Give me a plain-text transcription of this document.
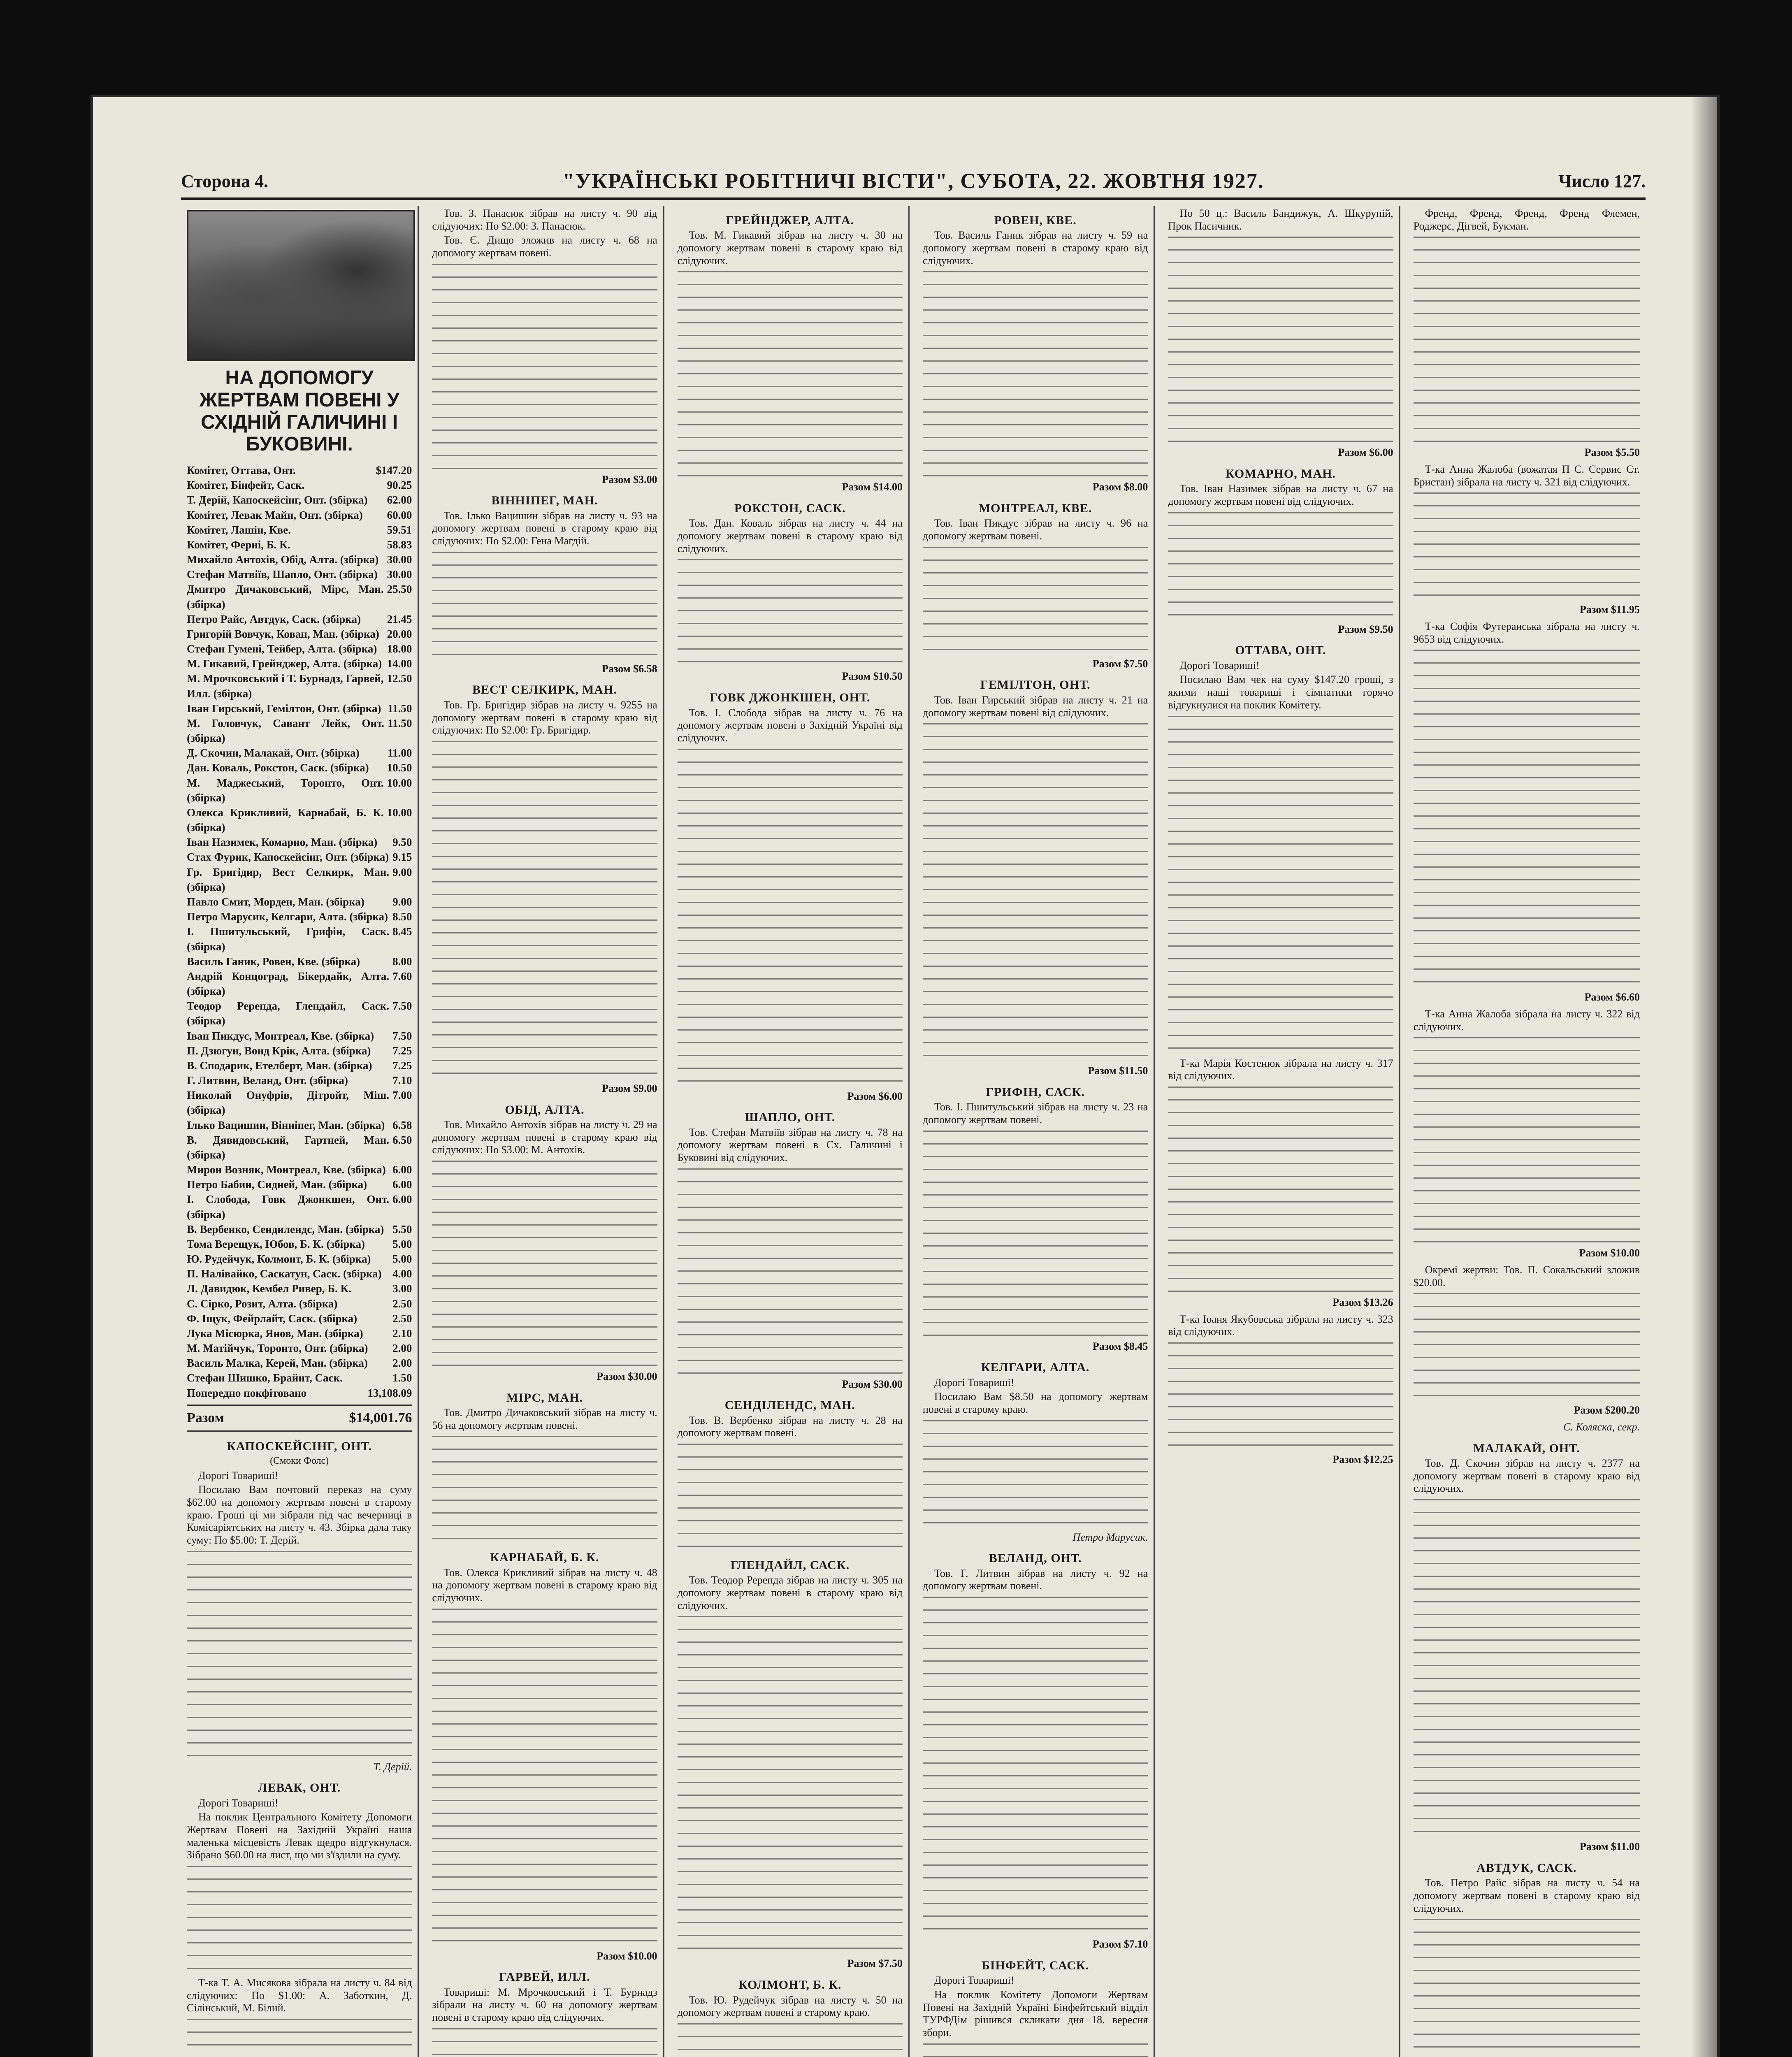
Сторона 4.	"УКРАЇНСЬКІ РОБІТНИЧІ ВІСТИ", СУБОТА, 22. ЖОВТНЯ 1927.	Число 127.
НА ДОПОМОГУ ЖЕРТВАМ ПОВЕНІ У СХІДНІЙ ГАЛИЧИНІ І БУКОВИНІ.
Комітет, Оттава, Онт.	$147.20
Комітет, Бінфейт, Саск.	90.25
Т. Дерій, Капоскейсінг, Онт. (збірка) 62.00
Комітет, Левак Майн, Онт. (збірка) 60.00
Комітет, Лашін, Кве.	59.51
Комітет, Ферні, Б. К.	58.83
Михайло Антохів, Обід, Алта. (збірка) 30.00
Стефан Матвіїв, Шапло, Онт. (збірка) 30.00
Дмитро Дичаковський, Мірс, Ман. (збірка)
25.50
Петро Райс, Автдук, Саск. (збірка) 21.45
Григорій Вовчук, Кован, Ман. (збірка) 20.00
Стефан Гумені, Тейбер, Алта. (збірка) 18.00
М. Гикавий, Грейнджер, Алта. (збірка) 14.00
М. Мрочковський і Т. Бурнадз, Гарвей, Илл. (збірка)
12.50
Іван Гирський, Гемілтон, Онт. (збірка) 11.50
М. Головчук, Савант Лейк, Онт. (збірка)
11.50
Д. Скочин, Малакай, Онт. (збірка)	11.00
Дан. Коваль, Рокстон, Саск. (збірка) 10.50
М. Маджеський, Торонто, Онт. (збірка)
10.00
Олекса Крикливий, Карнабай, Б. К. (збірка)
10.00
Іван Назимек, Комарно, Ман. (збірка) 9.50
Стах Фурик, Капоскейсінг, Онт. (збірка) 9.15
Гр. Бригідир, Вест Селкирк, Ман. (збірка)
9.00
Павло Смит, Морден, Ман. (збірка)	9.00
Петро Марусик, Келгари, Алта. (збірка) 8.50
І. Пшитульський, Грифін, Саск. (збірка)
8.45
Василь Ганик, Ровен, Кве. (збірка)	8.00
Андрій Концоград, Бікердайк, Алта. (збірка)
7.60
Теодор Ререпда, Глендайл, Саск. (збірка)
7.50
Іван Пикдус, Монтреал, Кве. (збірка) 7.50
П. Дзюгун, Вонд Крік, Алта. (збірка) 7.25
В. Сподарик, Етелберт, Ман. (збірка) 7.25
Г. Литвин, Веланд, Онт. (збірка)	7.10
Николай Онуфрів, Дітройт, Міш. (збірка)
7.00
Ілько Вацишин, Вінніпег, Ман. (збірка) 6.58
В. Дявидовський, Гартней, Ман. (збірка)
6.50
Мирон Возняк, Монтреал, Кве. (збірка) 6.00
Петро Бабин, Сидней, Ман. (збірка) 6.00
І. Слобода, Говк Джонкшен, Онт. (збірка)
6.00
В. Вербенко, Сендилендс, Ман. (збірка) 5.50
Тома Верещук, Юбов, Б. К. (збірка) 5.00
Ю. Рудейчук, Колмонт, Б. К. (збірка) 5.00
П. Налівайко, Саскатун, Саск. (збірка) 4.00
Л. Давидюк, Кембел Ривер, Б. К.	3.00
С. Сірко, Розит, Алта. (збірка)	2.50
Ф. Іщук, Фейрлайт, Саск. (збірка)	2.50
Лука Місюрка, Янов, Ман. (збірка)	2.10
М. Матійчук, Торонто, Онт. (збірка) 2.00
Василь Малка, Керей, Ман. (збірка) 2.00
Стефан Шишко, Брайнт, Саск.	1.50
Попередно покфітовано	13,108.09
Разом	$14,001.76
КАПОСКЕЙСІНГ, ОНТ.
(Смоки Фолс)

Дорогі Товариші!

Посилаю Вам почтовий переказ на суму $62.00 на допомогу жертвам повені в старому краю. Гроші ці ми зібрали під час вечерниці в Комісаріятських на листу ч. 43. Збірка дала таку суму: По $5.00: Т. Дерій.

Т. Дерій.
ЛЕВАК, ОНТ.

Дорогі Товариші!

На поклик Центрального Комітету Допомоги Жертвам Повені на Західній Україні наша маленька місцевість Левак щедро відгукнулася. Зібрано $60.00 на лист, що ми з'їздили на суму.

Т-ка Т. А. Мисякова зібрала на листу ч. 84 від слідуючих: По $1.00: А. Заботкин, Д. Сілінський, М. Білий.

Тов. З. Панасюк зібрав на листу ч. 90 від слідуючих: По $2.00: З. Панасюк.

Тов. Є. Дищо зложив на листу ч. 68 на допомогу жертвам повені.

Разом $3.00
ВІННІПЕГ, МАН.

Тов. Ілько Вацишин зібрав на листу ч. 93 на допомогу жертвам повені в старому краю від слідуючих: По $2.00: Гена Магдій.

Разом $6.58
ВЕСТ СЕЛКИРК, МАН.

Тов. Гр. Бригідир зібрав на листу ч. 9255 на допомогу жертвам повені в старому краю від слідуючих: По $2.00: Гр. Бригідир.

Разом $9.00
ОБІД, АЛТА.

Тов. Михайло Антохів зібрав на листу ч. 29 на допомогу жертвам повені в старому краю від слідуючих: По $3.00: М. Антохів.

Разом $30.00
МІРС, МАН.

Тов. Дмитро Дичаковський зібрав на листу ч. 56 на допомогу жертвам повені.

КАРНАБАЙ, Б. К.

Тов. Олекса Крикливий зібрав на листу ч. 48 на допомогу жертвам повені в старому краю від слідуючих.

Разом $10.00
ГАРВЕЙ, ИЛЛ.

Товариші: М. Мрочковський і Т. Бурнадз зібрали на листу ч. 60 на допомогу жертвам повені в старому краю від слідуючих.

ГРЕЙНДЖЕР, АЛТА.

Тов. М. Гикавий зібрав на листу ч. 30 на допомогу жертвам повені в старому краю від слідуючих.

Разом $14.00
РОКСТОН, САСК.

Тов. Дан. Коваль зібрав на листу ч. 44 на допомогу жертвам повені в старому краю від слідуючих.

Разом $10.50
ГОВК ДЖОНКШЕН, ОНТ.

Тов. І. Слобода зібрав на листу ч. 76 на допомогу жертвам повені в Західній Україні від слідуючих.

Разом $6.00
ШАПЛО, ОНТ.

Тов. Стефан Матвіїв зібрав на листу ч. 78 на допомогу жертвам повені в Сх. Галичині і Буковині від слідуючих.

Разом $30.00
СЕНДІЛЕНДС, МАН.

Тов. В. Вербенко зібрав на листу ч. 28 на допомогу жертвам повені.

ГЛЕНДАЙЛ, САСК.

Тов. Теодор Ререпда зібрав на листу ч. 305 на допомогу жертвам повені в старому краю від слідуючих.

Разом $7.50
КОЛМОНТ, Б. К.

Тов. Ю. Рудейчук зібрав на листу ч. 50 на допомогу жертвам повені в старому краю.

РОВЕН, КВЕ.

Тов. Василь Ганик зібрав на листу ч. 59 на допомогу жертвам повені в старому краю від слідуючих.

Разом $8.00
МОНТРЕАЛ, КВЕ.

Тов. Іван Пикдус зібрав на листу ч. 96 на допомогу жертвам повені.

Разом $7.50
ГЕМІЛТОН, ОНТ.

Тов. Іван Гирський зібрав на листу ч. 21 на допомогу жертвам повені від слідуючих.

Разом $11.50
ГРИФІН, САСК.

Тов. І. Пшитульський зібрав на листу ч. 23 на допомогу жертвам повені.

Разом $8.45
КЕЛГАРИ, АЛТА.

Дорогі Товариші!

Посилаю Вам $8.50 на допомогу жертвам повені в старому краю.

Петро Марусик.
ВЕЛАНД, ОНТ.

Тов. Г. Литвин зібрав на листу ч. 92 на допомогу жертвам повені.

Разом $7.10
БІНФЕЙТ, САСК.

Дорогі Товариші!

На поклик Комітету Допомоги Жертвам Повені на Західній Україні Бінфейтський відділ ТУРФДім рішився скликати дня 18. вересня збори.

По 50 ц.: Василь Бандижук, А. Шкурупій, Прок Пасичник.

Разом $6.00
КОМАРНО, МАН.

Тов. Іван Назимек зібрав на листу ч. 67 на допомогу жертвам повені від слідуючих.

Разом $9.50
ОТТАВА, ОНТ.

Дорогі Товариші!

Посилаю Вам чек на суму $147.20 гроші, з якими наші товариші і сімпатики горячо відгукнулися на поклик Комітету.

Т-ка Марія Костенюк зібрала на листу ч. 317 від слідуючих.

Разом $13.26

Т-ка Іоаня Якубовська зібрала на листу ч. 323 від слідуючих.

Разом $12.25

Френд, Френд, Френд, Френд Флемен, Роджерс, Дігвей, Букман.

Разом $5.50

Т-ка Анна Жалоба (вожатая П С. Сервис Ст. Бристан) зібрала на листу ч. 321 від слідуючих.

Разом $11.95

Т-ка Софія Футеранська зібрала на листу ч. 9653 від слідуючих.

Разом $6.60

Т-ка Анна Жалоба зібрала на листу ч. 322 від слідуючих.

Разом $10.00

Окремі жертви: Тов. П. Сокальський зложив $20.00.

Разом $200.20
С. Коляска, секр.
МАЛАКАЙ, ОНТ.

Тов. Д. Скочин зібрав на листу ч. 2377 на допомогу жертвам повені в старому краю від слідуючих.

Разом $11.00
АВТДУК, САСК.

Тов. Петро Райс зібрав на листу ч. 54 на допомогу жертвам повені в старому краю від слідуючих.
